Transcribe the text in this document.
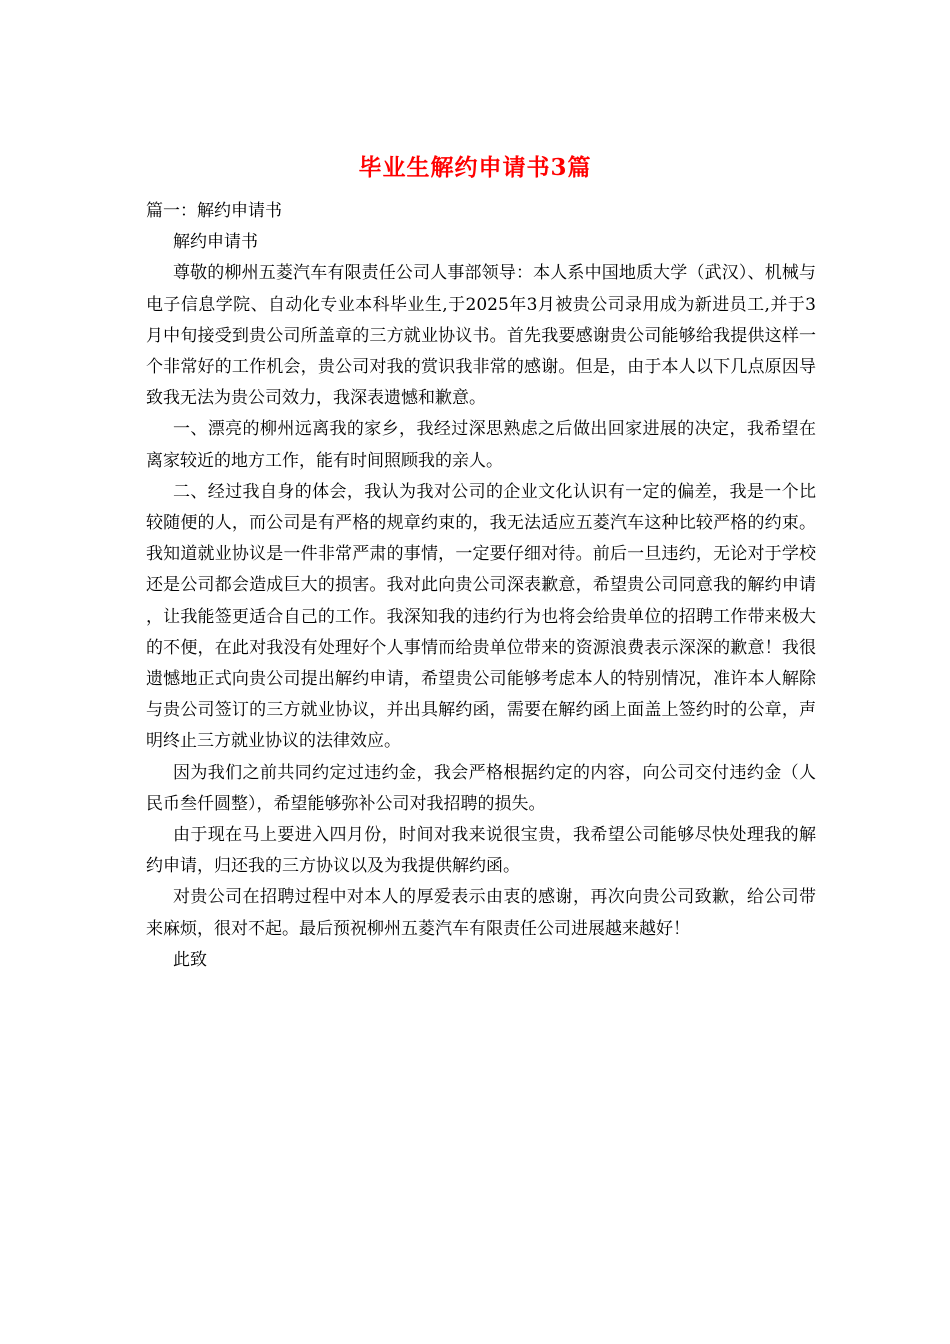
毕业生解约申请书3篇

篇一：解约申请书

解约申请书

尊敬的柳州五菱汽车有限责任公司人事部领导：本人系中国地质大学（武汉）、机械与电子信息学院、自动化专业本科毕业生,于2025年3月被贵公司录用成为新进员工,并于3月中旬接受到贵公司所盖章的三方就业协议书。首先我要感谢贵公司能够给我提供这样一个非常好的工作机会，贵公司对我的赏识我非常的感谢。但是，由于本人以下几点原因导致我无法为贵公司效力，我深表遗憾和歉意。

一、漂亮的柳州远离我的家乡，我经过深思熟虑之后做出回家进展的决定，我希望在离家较近的地方工作，能有时间照顾我的亲人。

二、经过我自身的体会，我认为我对公司的企业文化认识有一定的偏差，我是一个比较随便的人，而公司是有严格的规章约束的，我无法适应五菱汽车这种比较严格的约束。 我知道就业协议是一件非常严肃的事情，一定要仔细对待。前后一旦违约，无论对于学校还是公司都会造成巨大的损害。我对此向贵公司深表歉意，希望贵公司同意我的解约申请，让我能签更适合自己的工作。我深知我的违约行为也将会给贵单位的招聘工作带来极大的不便，在此对我没有处理好个人事情而给贵单位带来的资源浪费表示深深的歉意！我很遗憾地正式向贵公司提出解约申请，希望贵公司能够考虑本人的特别情况，准许本人解除与贵公司签订的三方就业协议，并出具解约函，需要在解约函上面盖上签约时的公章，声明终止三方就业协议的法律效应。

因为我们之前共同约定过违约金，我会严格根据约定的内容，向公司交付违约金（人民币叁仟圆整），希望能够弥补公司对我招聘的损失。

由于现在马上要进入四月份，时间对我来说很宝贵，我希望公司能够尽快处理我的解约申请，归还我的三方协议以及为我提供解约函。

对贵公司在招聘过程中对本人的厚爱表示由衷的感谢，再次向贵公司致歉，给公司带来麻烦，很对不起。最后预祝柳州五菱汽车有限责任公司进展越来越好！

此致
